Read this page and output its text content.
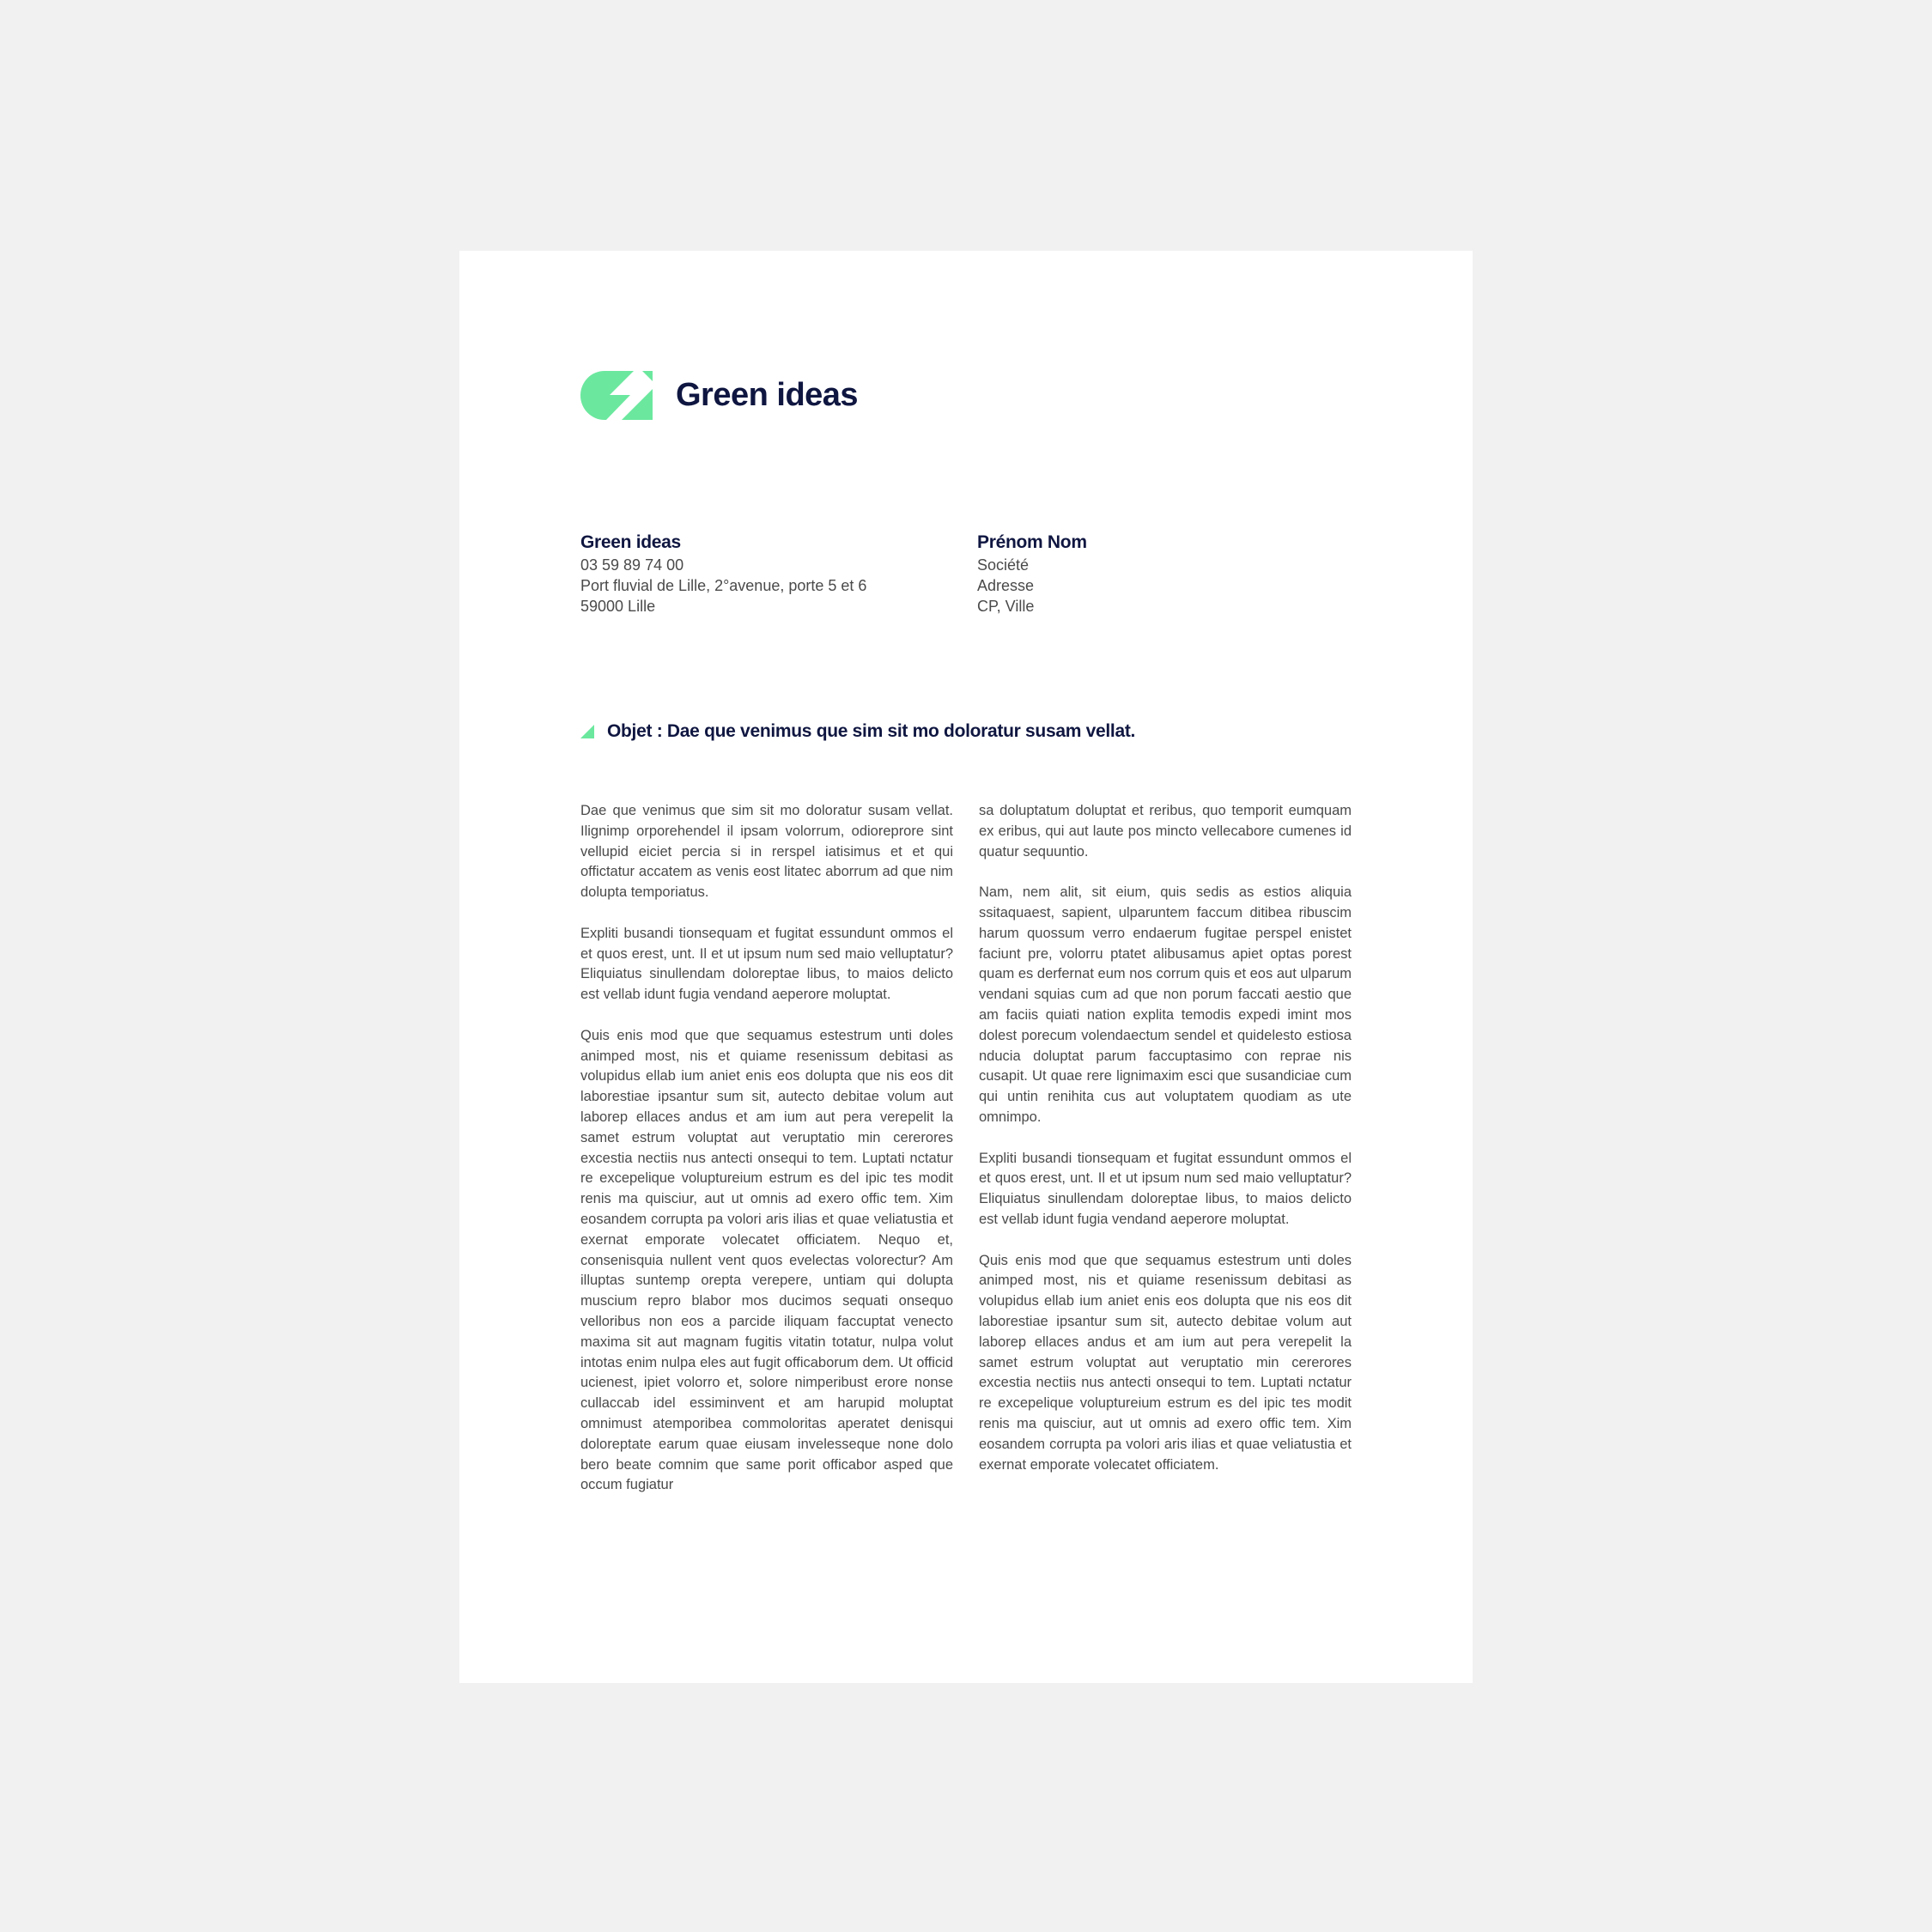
Green ideas
Green ideas
03 59 89 74 00
Port fluvial de Lille, 2°avenue, porte 5 et 6
59000 Lille
Prénom Nom
Société
Adresse
CP, Ville
Objet : Dae que venimus que sim sit mo doloratur susam vellat.

Dae que venimus que sim sit mo doloratur susam vellat. Ilignimp orporehendel il ipsam volorrum, odioreprore sint vellupid eiciet percia si in rerspel iatisimus et et qui offictatur accatem as venis eost litatec aborrum ad que nim dolupta temporiatus.

Expliti busandi tionsequam et fugitat essundunt ommos el et quos erest, unt. Il et ut ipsum num sed maio velluptatur? Eliquiatus sinullendam doloreptae libus, to maios delicto est vellab idunt fugia vendand aeperore moluptat.

Quis enis mod que que sequamus estestrum unti doles animped most, nis et quiame resenissum debitasi as volupidus ellab ium aniet enis eos dolupta que nis eos dit laborestiae ipsantur sum sit, autecto debitae volum aut laborep ellaces andus et am ium aut pera verepelit la samet estrum voluptat aut veruptatio min cererores excestia nectiis nus antecti onsequi to tem. Luptati nctatur re excepelique voluptureium estrum es del ipic tes modit renis ma quisciur, aut ut omnis ad exero offic tem. Xim eosandem corrupta pa volori aris ilias et quae veliatustia et exernat emporate volecatet officiatem. Nequo et, consenisquia nullent vent quos evelectas volorectur? Am illuptas suntemp orepta verepere, untiam qui dolupta muscium repro blabor mos ducimos sequati onsequo velloribus non eos a parcide iliquam faccuptat venecto maxima sit aut magnam fugitis vitatin totatur, nulpa volut intotas enim nulpa eles aut fugit officaborum dem. Ut officid ucienest, ipiet volorro et, solore nimperibust erore nonse cullaccab idel essiminvent et am harupid moluptat omnimust atemporibea commoloritas aperatet denisqui doloreptate earum quae eiusam invelesseque none dolo bero beate comnim que same porit officabor asped que occum fugiatur

sa doluptatum doluptat et reribus, quo temporit eumquam ex eribus, qui aut laute pos mincto vellecabore cumenes id quatur sequuntio.

Nam, nem alit, sit eium, quis sedis as estios aliquia ssitaquaest, sapient, ulparuntem faccum ditibea ribuscim harum quossum verro endaerum fugitae perspel enistet faciunt pre, volorru ptatet alibusamus apiet optas porest quam es derfernat eum nos corrum quis et eos aut ulparum vendani squias cum ad que non porum faccati aestio que am faciis quiati nation explita temodis expedi imint mos dolest porecum volendaectum sendel et quidelesto estiosa nducia doluptat parum faccuptasimo con reprae nis cusapit. Ut quae rere lignimaxim esci que susandiciae cum qui untin renihita cus aut voluptatem quodiam as ute omnimpo.

Expliti busandi tionsequam et fugitat essundunt ommos el et quos erest, unt. Il et ut ipsum num sed maio velluptatur? Eliquiatus sinullendam doloreptae libus, to maios delicto est vellab idunt fugia vendand aeperore moluptat.

Quis enis mod que que sequamus estestrum unti doles animped most, nis et quiame resenissum debitasi as volupidus ellab ium aniet enis eos dolupta que nis eos dit laborestiae ipsantur sum sit, autecto debitae volum aut laborep ellaces andus et am ium aut pera verepelit la samet estrum voluptat aut veruptatio min cererores excestia nectiis nus antecti onsequi to tem. Luptati nctatur re excepelique voluptureium estrum es del ipic tes modit renis ma quisciur, aut ut omnis ad exero offic tem. Xim eosandem corrupta pa volori aris ilias et quae veliatustia et exernat emporate volecatet officiatem.
